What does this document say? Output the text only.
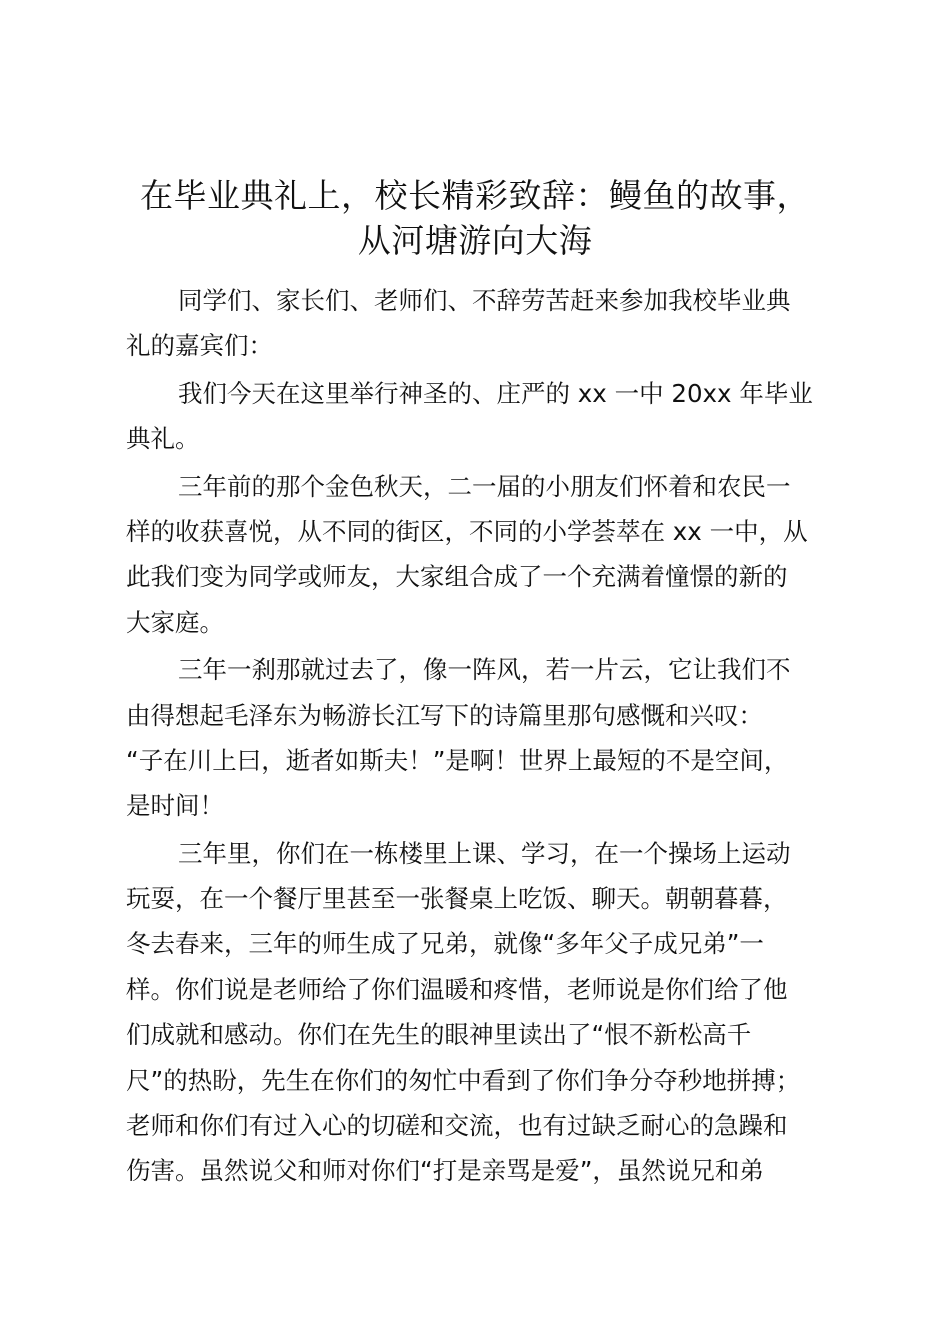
在毕业典礼上，校长精彩致辞：鳗鱼的故事，
从河塘游向大海
同学们、家长们、老师们、不辞劳苦赶来参加我校毕业典
礼的嘉宾们：
我们今天在这里举行神圣的、庄严的 xx 一中 20xx 年毕业
典礼。
三年前的那个金色秋天，二一届的小朋友们怀着和农民一
样的收获喜悦，从不同的街区，不同的小学荟萃在 xx 一中，从
此我们变为同学或师友，大家组合成了一个充满着憧憬的新的
大家庭。
三年一刹那就过去了，像一阵风，若一片云，它让我们不
由得想起毛泽东为畅游长江写下的诗篇里那句感慨和兴叹：
“子在川上曰，逝者如斯夫！”是啊！世界上最短的不是空间，
是时间！
三年里，你们在一栋楼里上课、学习，在一个操场上运动
玩耍，在一个餐厅里甚至一张餐桌上吃饭、聊天。朝朝暮暮，
冬去春来，三年的师生成了兄弟，就像“多年父子成兄弟”一
样。你们说是老师给了你们温暖和疼惜，老师说是你们给了他
们成就和感动。你们在先生的眼神里读出了“恨不新松高千
尺”的热盼，先生在你们的匆忙中看到了你们争分夺秒地拼搏；
老师和你们有过入心的切磋和交流，也有过缺乏耐心的急躁和
伤害。虽然说父和师对你们“打是亲骂是爱”，虽然说兄和弟
